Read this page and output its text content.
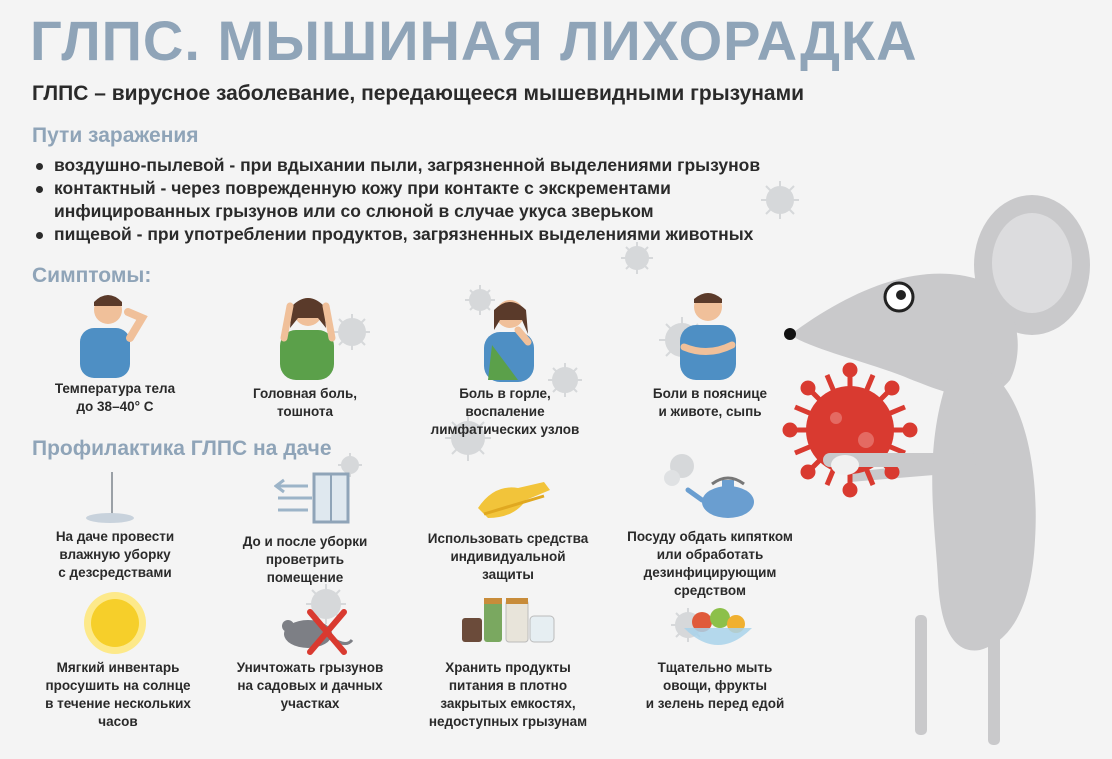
ГЛПС. МЫШИНАЯ ЛИХОРАДКА
ГЛПС – вирусное заболевание, передающееся мышевидными грызунами
Пути заражения
воздушно-пылевой - при вдыхании пыли, загрязненной выделениями грызунов
контактный - через поврежденную кожу при контакте с экскрементами инфицированных грызунов или со слюной в случае укуса зверьком
пищевой - при употреблении продуктов, загрязненных выделениями животных
Симптомы:
Температура тела
до 38–40° С
Головная боль,
тошнота
Боль в горле,
воспаление
лимфатических узлов
Боли в пояснице
и животе, сыпь
Профилактика ГЛПС на даче
На даче провести
влажную уборку
с дезсредствами
До и после уборки
проветрить
помещение
Использовать средства
индивидуальной
защиты
Посуду обдать кипятком
или обработать
дезинфицирующим
средством
Мягкий инвентарь
просушить на солнце
в течение нескольких
часов
Уничтожать грызунов
на садовых и дачных
участках
Хранить продукты
питания в плотно
закрытых емкостях,
недоступных грызунам
Тщательно мыть
овощи, фрукты
и зелень перед едой
